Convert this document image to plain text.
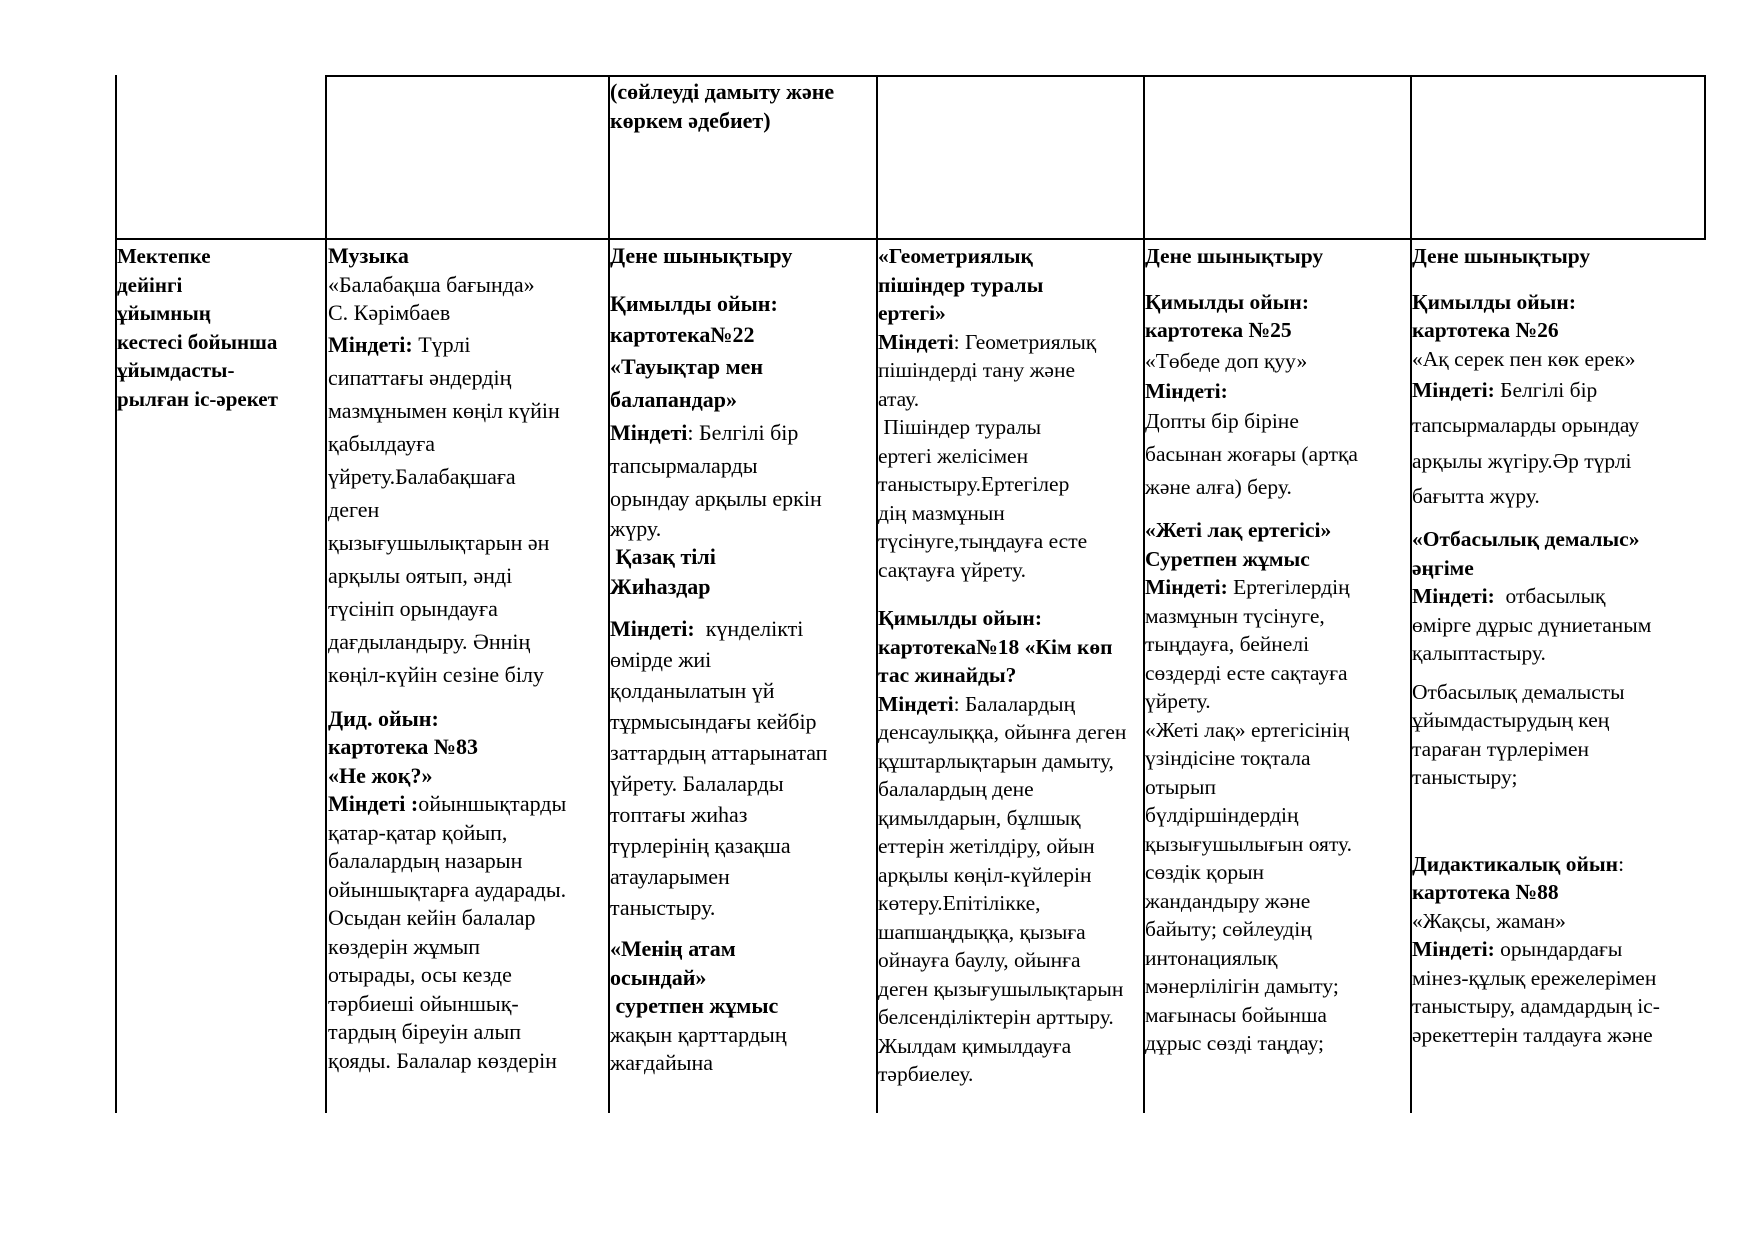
(сөйлеуді дамыту және
көркем әдебиет)
Мектепке
дейінгі
ұйымның
кестесі бойынша
ұйымдасты-
рылған іс-әрекет
Музыка
«Балабақша бағында»
С. Кәрімбаев
Міндеті: Түрлі
сипаттағы әндердің
мазмұнымен көңіл күйін
қабылдауға
үйрету.Балабақшаға
деген
қызығушылықтарын ән
арқылы оятып, әнді
түсініп орындауға
дағдыландыру. Әннің
көңіл-күйін сезіне білу
Дид. ойын:
картотека №83
«Не жоқ?»
Міндеті :ойыншықтарды
қатар-қатар қойып,
балалардың назарын
ойыншықтарға аударады.
Осыдан кейін балалар
көздерін жұмып
отырады, осы кезде
тәрбиеші ойыншық-
тардың біреуін алып
қояды. Балалар көздерін
Дене шынықтыру
Қимылды ойын:
картотека№22
«Тауықтар мен
балапандар»
Міндеті: Белгілі бір
тапсырмаларды
орындау арқылы еркін
жүру.
Қазақ тілі
Жиһаздар
Міндеті:  күнделікті
өмірде жиі
қолданылатын үй
тұрмысындағы кейбір
заттардың аттарынатап
үйрету. Балаларды
топтағы жиһаз
түрлерінің қазақша
атауларымен
таныстыру.
«Менің атам
осындай»
суретпен жұмыс
жақын қарттардың
жағдайына
«Геометриялық
пішіндер туралы
ертегі»
Міндеті: Геометриялық
пішіндерді тану және
атау.
Пішіндер туралы
ертегі желісімен
таныстыру.Ертегілер
дің мазмұнын
түсінуге,тыңдауға есте
сақтауға үйрету.
Қимылды ойын:
картотека№18 «Кім көп
тас жинайды?
Міндеті: Балалардың
денсаулыққа, ойынға деген
құштарлықтарын дамыту,
балалардың дене
қимылдарын, бұлшық
еттерін жетілдіру, ойын
арқылы көңіл-күйлерін
көтеру.Епітілікке,
шапшаңдыққа, қызыға
ойнауға баулу, ойынға
деген қызығушылықтарын
белсенділіктерін арттыру.
Жылдам қимылдауға
тәрбиелеу.
Дене шынықтыру
Қимылды ойын:
картотека №25
«Төбеде доп қуу»
Міндеті:
Допты бір біріне
басынан жоғары (артқа
және алға) беру.
«Жеті лақ ертегісі»
Суретпен жұмыс
Міндеті: Ертегілердің
мазмұнын түсінуге,
тыңдауға, бейнелі
сөздерді есте сақтауға
үйрету.
«Жеті лақ» ертегісінің
үзіндісіне тоқтала
отырып
бүлдіршіндердің
қызығушылығын ояту.
сөздік қорын
жандандыру және
байыту; сөйлеудің
интонациялық
мәнерлілігін дамыту;
мағынасы бойынша
дұрыс сөзді таңдау;
Дене шынықтыру
Қимылды ойын:
картотека №26
«Ақ серек пен көк ерек»
Міндеті: Белгілі бір
тапсырмаларды орындау
арқылы жүгіру.Әр түрлі
бағытта жүру.
«Отбасылық демалыс»
әңгіме
Міндеті:  отбасылық
өмірге дұрыс дүниетаным
қалыптастыру.
Отбасылық демалысты
ұйымдастырудың кең
тараған түрлерімен
таныстыру;
Дидактикалық ойын:
картотека №88
«Жақсы, жаман»
Міндеті: орындардағы
мінез-құлық ережелерімен
таныстыру, адамдардың іс-
әрекеттерін талдауға және
